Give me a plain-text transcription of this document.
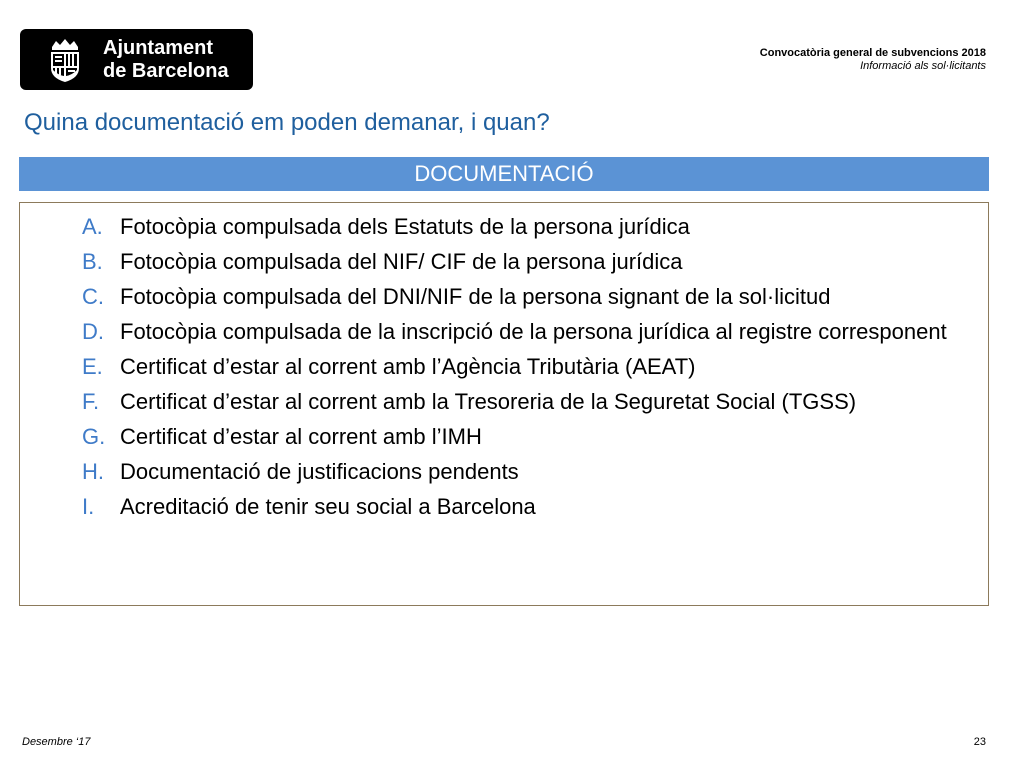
Ajuntament
de Barcelona
Convocatòria general de subvencions 2018
Informació als sol·licitants
Quina documentació em poden demanar, i quan?
DOCUMENTACIÓ
A. Fotocòpia compulsada dels Estatuts de la persona jurídica
B. Fotocòpia compulsada del NIF/ CIF de la persona jurídica
C. Fotocòpia compulsada del DNI/NIF de la persona signant de la sol·licitud
D. Fotocòpia compulsada de la inscripció de la persona jurídica al registre corresponent
E. Certificat d’estar al corrent amb l’Agència Tributària (AEAT)
F. Certificat d’estar al corrent amb la Tresoreria de la Seguretat Social (TGSS)
G. Certificat d’estar al corrent amb l’IMH
H. Documentació de justificacions pendents
I.	Acreditació de tenir seu social a Barcelona
Desembre ‘17	23
